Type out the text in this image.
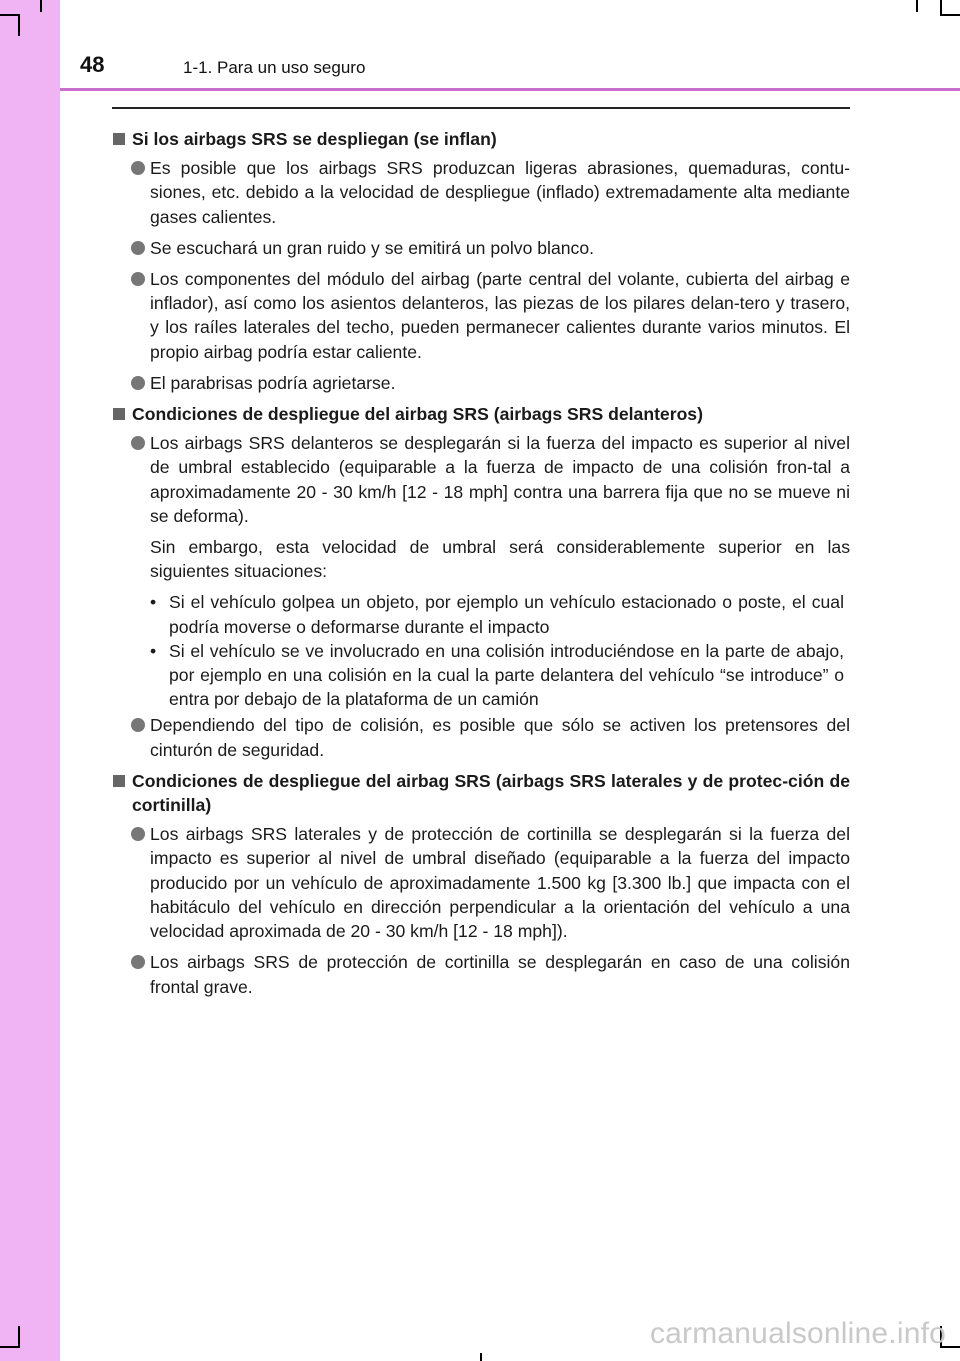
48	1-1. Para un uso seguro
Si los airbags SRS se despliegan (se inflan)
Es posible que los airbags SRS produzcan ligeras abrasiones, quemaduras, contu-siones, etc. debido a la velocidad de despliegue (inflado) extremadamente alta mediante gases calientes.
Se escuchará un gran ruido y se emitirá un polvo blanco.
Los componentes del módulo del airbag (parte central del volante, cubierta del airbag e inflador), así como los asientos delanteros, las piezas de los pilares delan-tero y trasero, y los raíles laterales del techo, pueden permanecer calientes durante varios minutos. El propio airbag podría estar caliente.
El parabrisas podría agrietarse.
Condiciones de despliegue del airbag SRS (airbags SRS delanteros)
Los airbags SRS delanteros se desplegarán si la fuerza del impacto es superior al nivel de umbral establecido (equiparable a la fuerza de impacto de una colisión fron-tal a aproximadamente 20 - 30 km/h [12 - 18 mph] contra una barrera fija que no se mueve ni se deforma).
Sin embargo, esta velocidad de umbral será considerablemente superior en las siguientes situaciones:
• Si el vehículo golpea un objeto, por ejemplo un vehículo estacionado o poste, el cual podría moverse o deformarse durante el impacto
• Si el vehículo se ve involucrado en una colisión introduciéndose en la parte de abajo, por ejemplo en una colisión en la cual la parte delantera del vehículo “se introduce” o entra por debajo de la plataforma de un camión
Dependiendo del tipo de colisión, es posible que sólo se activen los pretensores del cinturón de seguridad.
Condiciones de despliegue del airbag SRS (airbags SRS laterales y de protec-ción de cortinilla)
Los airbags SRS laterales y de protección de cortinilla se desplegarán si la fuerza del impacto es superior al nivel de umbral diseñado (equiparable a la fuerza del impacto producido por un vehículo de aproximadamente 1.500 kg [3.300 lb.] que impacta con el habitáculo del vehículo en dirección perpendicular a la orientación del vehículo a una velocidad aproximada de 20 - 30 km/h [12 - 18 mph]).
Los airbags SRS de protección de cortinilla se desplegarán en caso de una colisión frontal grave.
carmanualsonline.info
